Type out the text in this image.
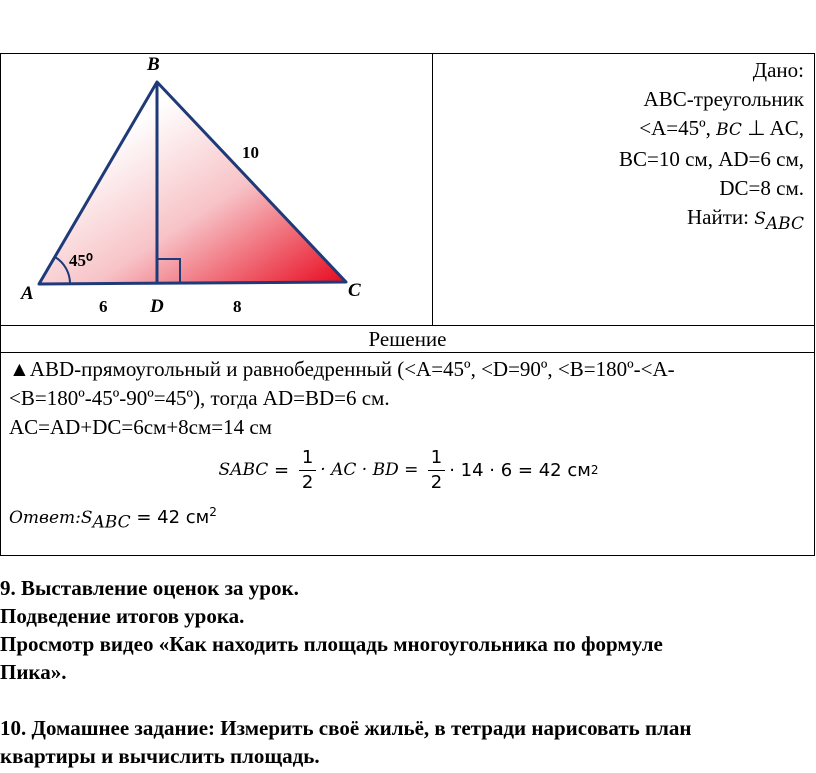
B
A	C
D
45⁰
10
6	8

Дано:
ABC-треугольник
<A=45º, BC ⊥ AC,
BC=10 см, AD=6 см,
DC=8 см.
Найти: $S_{ABC}$

Решение

▲ABD-прямоугольный и равнобедренный (<A=45º, <D=90º, <B=180º-<A-
<B=180º-45º-90º=45º), тогда AD=BD=6 см.
AC=AD+DC=6см+8см=14 см
S ABC = $\frac{1}{2}$ · AC · BD = $\frac{1}{2} \cdot 14 \cdot 6 = 42$ см 2
$Ответ:S_{ABC} = 42$ $см^2$

9. Выставление оценок за урок.

Подведение итогов урока.

Просмотр видео «Как находить площадь многоугольника по формуле

Пика».

10. Домашнее задание: Измерить своё жильё, в тетради нарисовать план

квартиры и вычислить площадь.
